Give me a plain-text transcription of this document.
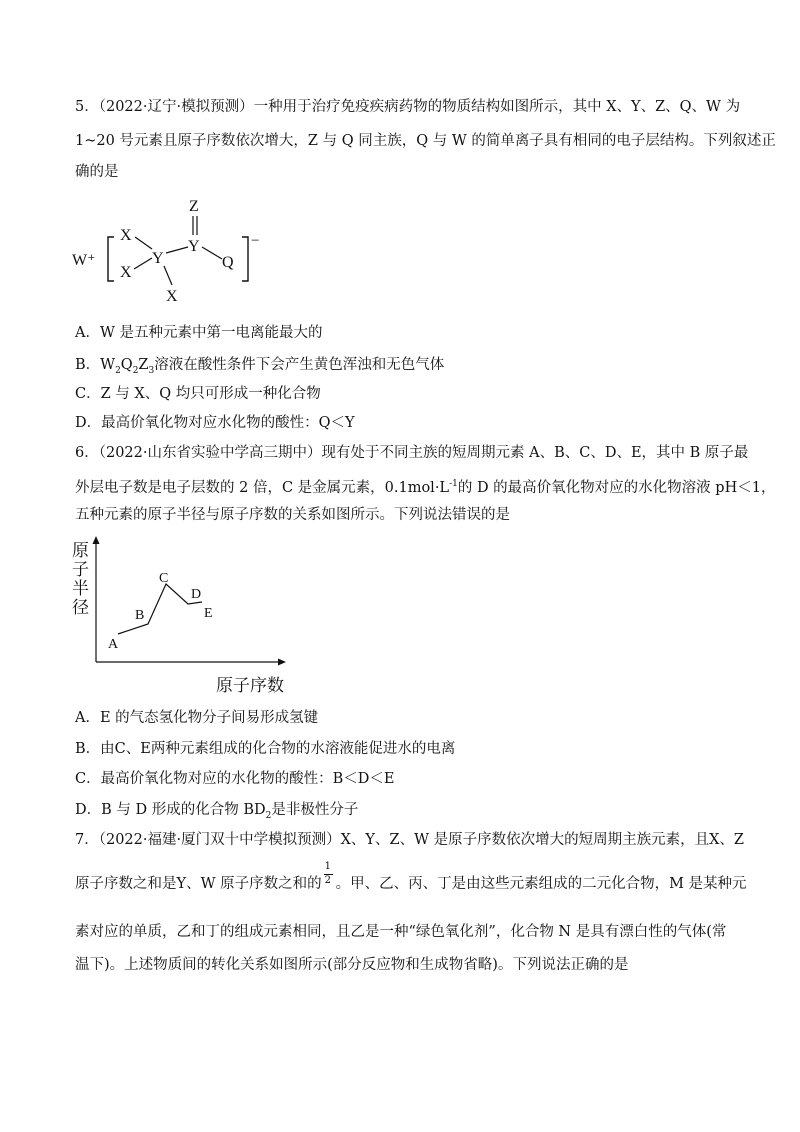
5．（2022·辽宁·模拟预测）一种用于治疗免疫疾病药物的物质结构如图所示，其中 X、Y、Z、Q、W 为
1~20 号元素且原子序数依次增大，Z 与 Q 同主族，Q 与 W 的简单离子具有相同的电子层结构。下列叙述正
确的是
W⁺
X
X
X
Y
Y
Z
Q
−
A．W 是五种元素中第一电离能最大的
B．$W_2Q_2Z_3$溶液在酸性条件下会产生黄色浑浊和无色气体
C．Z 与 X、Q 均只可形成一种化合物
D．最高价氧化物对应水化物的酸性：Q＜Y
6．（2022·山东省实验中学高三期中）现有处于不同主族的短周期元素 A、B、C、D、E，其中 B 原子最
外层电子数是电子层数的 2 倍，C 是金属元素，$0.1mol\cdot L^{-1}$的 D 的最高价氧化物对应的水化物溶液 pH＜1，
五种元素的原子半径与原子序数的关系如图所示。下列说法错误的是
原
子
半
径
A
B
C
D
E
原子序数
A．E 的气态氢化物分子间易形成氢键
B．由C、E两种元素组成的化合物的水溶液能促进水的电离
C．最高价氧化物对应的水化物的酸性：B＜D＜E
D．B 与 D 形成的化合物 $BD_2$是非极性分子
7．（2022·福建·厦门双十中学模拟预测）X、Y、Z、W 是原子序数依次增大的短周期主族元素，且X、Z
原子序数之和是Y、W 原子序数之和的 $\frac{1}{2}$ 。甲、乙、丙、丁是由这些元素组成的二元化合物，M 是某种元
素对应的单质，乙和丁的组成元素相同，且乙是一种“绿色氧化剂”，化合物 N 是具有漂白性的气体(常
温下)。上述物质间的转化关系如图所示(部分反应物和生成物省略)。下列说法正确的是
